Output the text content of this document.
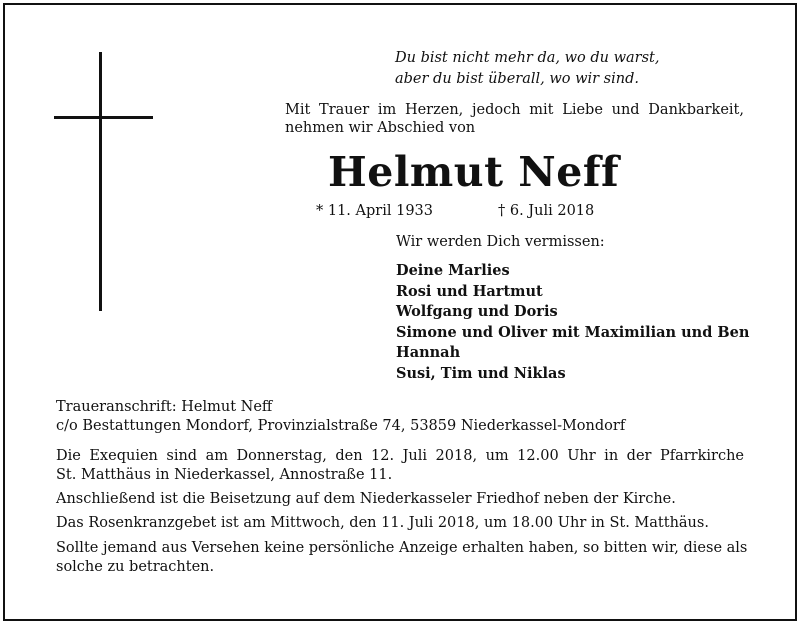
Du bist nicht mehr da, wo du warst,
aber du bist überall, wo wir sind.
Mit Trauer im Herzen, jedoch mit Liebe und Dankbarkeit,
nehmen wir Abschied von
Helmut Neff
* 11. April 1933	† 6. Juli 2018
Wir werden Dich vermissen:
Deine Marlies
Rosi und Hartmut
Wolfgang und Doris
Simone und Oliver mit Maximilian und Ben
Hannah
Susi, Tim und Niklas
Traueranschrift: Helmut Neff
c/o Bestattungen Mondorf, Provinzialstraße 74, 53859 Niederkassel-Mondorf
Die Exequien sind am Donnerstag, den 12. Juli 2018, um 12.00 Uhr in der Pfarrkirche
St. Matthäus in Niederkassel, Annostraße 11.
Anschließend ist die Beisetzung auf dem Niederkasseler Friedhof neben der Kirche.
Das Rosenkranzgebet ist am Mittwoch, den 11. Juli 2018, um 18.00 Uhr in St. Matthäus.
Sollte jemand aus Versehen keine persönliche Anzeige erhalten haben, so bitten wir, diese als
solche zu betrachten.
